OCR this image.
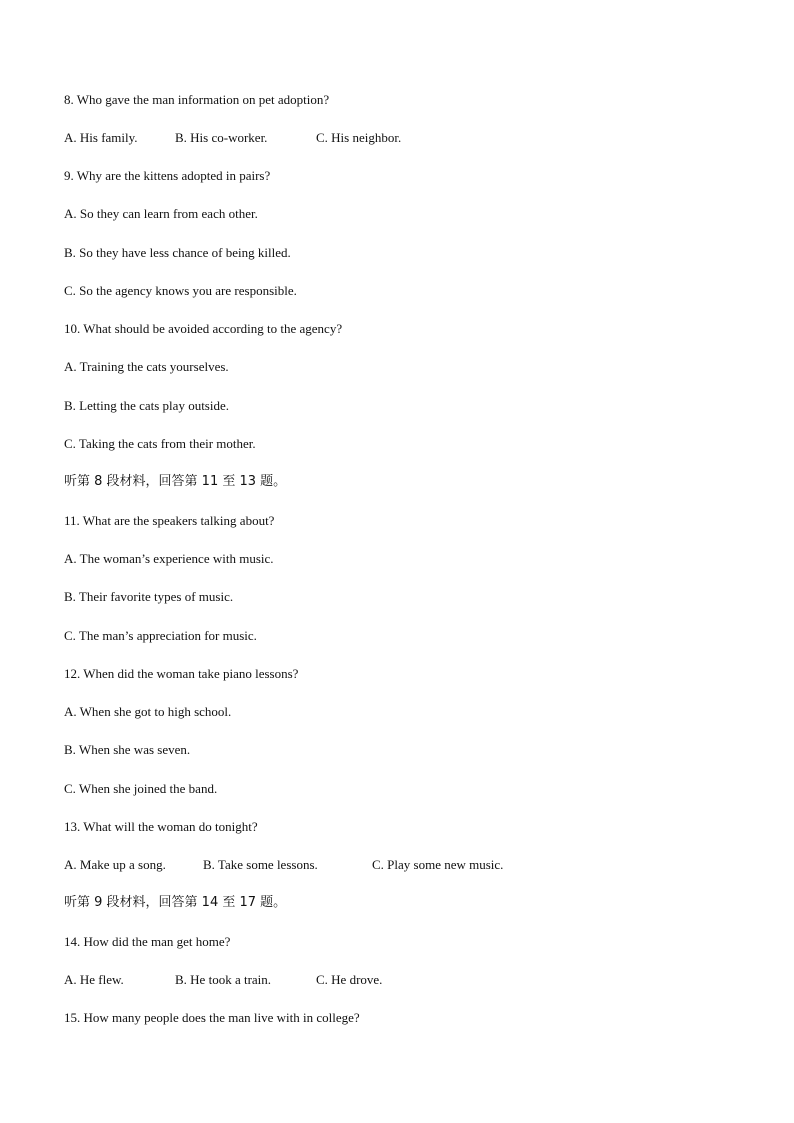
8. Who gave the man information on pet adoption?

A. His family.	B. His co-worker.	C. His neighbor.

9. Why are the kittens adopted in pairs?

A. So they can learn from each other.

B. So they have less chance of being killed.

C. So the agency knows you are responsible.

10. What should be avoided according to the agency?

A. Training the cats yourselves.

B. Letting the cats play outside.

C. Taking the cats from their mother.

听第 8 段材料，回答第 11 至 13 题。

11. What are the speakers talking about?

A. The woman’s experience with music.

B. Their favorite types of music.

C. The man’s appreciation for music.

12. When did the woman take piano lessons?

A. When she got to high school.

B. When she was seven.

C. When she joined the band.

13. What will the woman do tonight?

A. Make up a song.	B. Take some lessons.	C. Play some new music.

听第 9 段材料，回答第 14 至 17 题。

14. How did the man get home?

A. He flew.	B. He took a train.	C. He drove.

15. How many people does the man live with in college?
